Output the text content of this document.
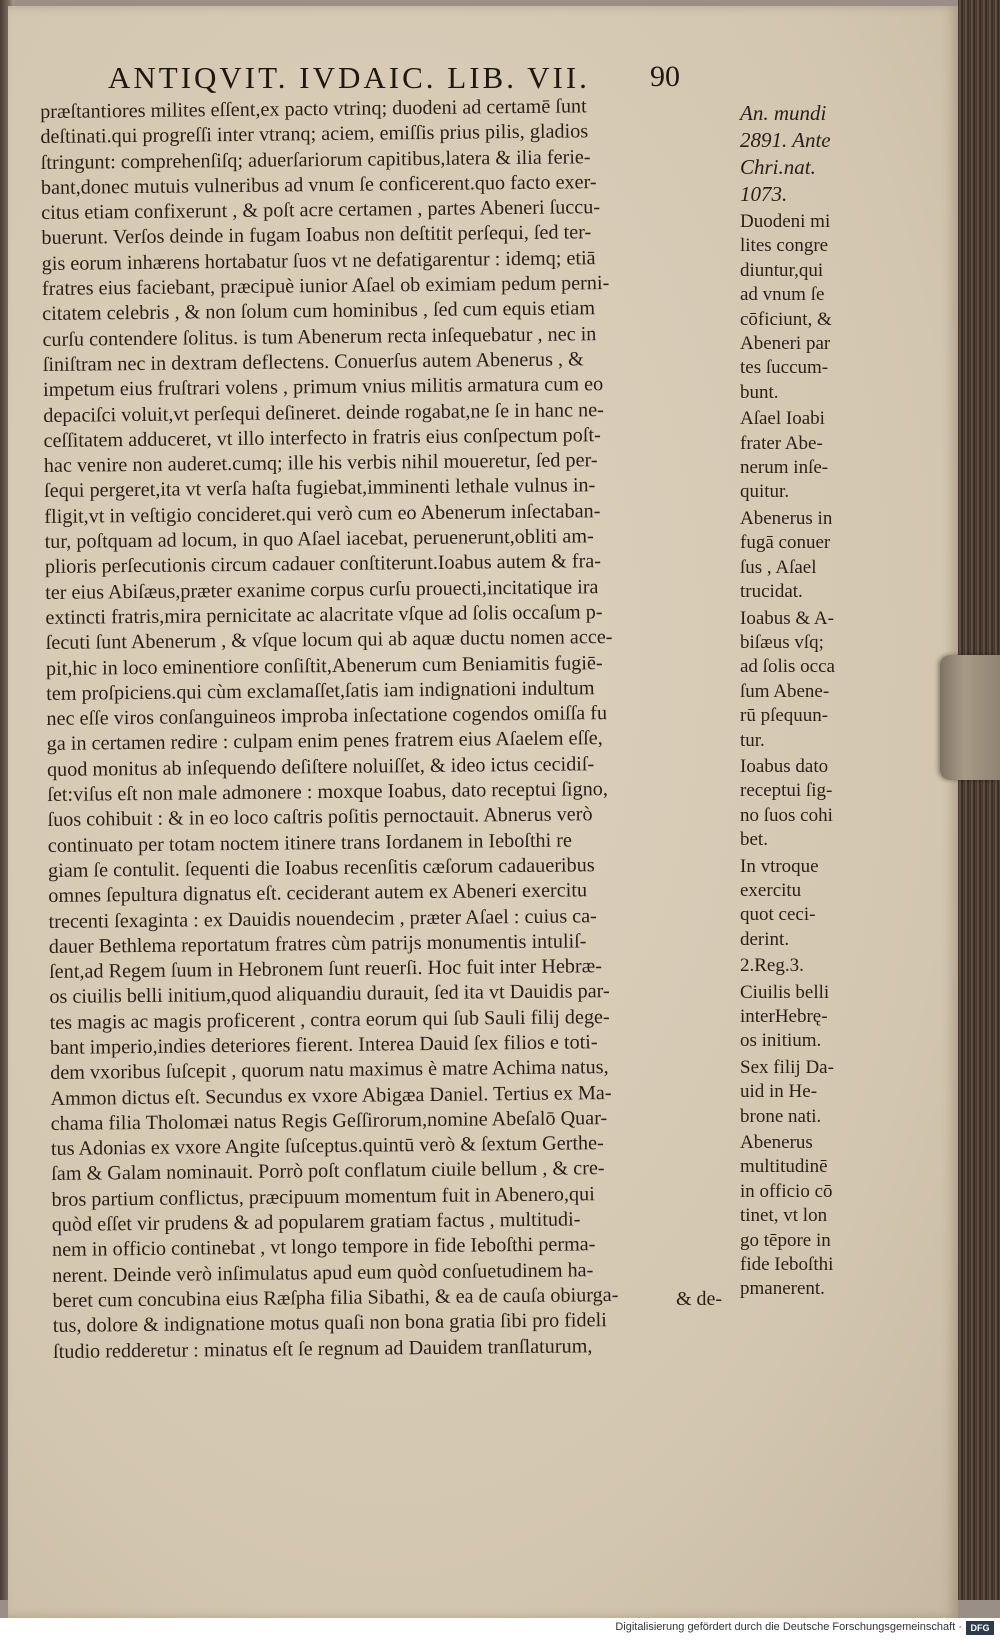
ANTIQVIT. IVDAIC. LIB. VII.	90
præſtantiores milites eſſent,ex pacto vtrinq; duodeni ad certamē ſunt
deſtinati.qui progreſſi inter vtranq; aciem, emiſſis prius pilis, gladios
ſtringunt: comprehenſiſq; aduerſariorum capitibus,latera & ilia ferie-
bant,donec mutuis vulneribus ad vnum ſe conficerent.quo facto exer-
citus etiam confixerunt , & poſt acre certamen , partes Abeneri ſuccu-
buerunt. Verſos deinde in fugam Ioabus non deſtitit perſequi, ſed ter-
gis eorum inhærens hortabatur ſuos vt ne defatigarentur : idemq; etiā
fratres eius faciebant, præcipuè iunior Aſael ob eximiam pedum perni-
citatem celebris , & non ſolum cum hominibus , ſed cum equis etiam
curſu contendere ſolitus. is tum Abenerum recta inſequebatur , nec in
ſiniſtram nec in dextram deflectens. Conuerſus autem Abenerus , &
impetum eius fruſtrari volens , primum vnius militis armatura cum eo
depaciſci voluit,vt perſequi deſineret. deinde rogabat,ne ſe in hanc ne-
ceſſitatem adduceret, vt illo interfecto in fratris eius conſpectum poſt-
hac venire non auderet.cumq; ille his verbis nihil moueretur, ſed per-
ſequi pergeret,ita vt verſa haſta fugiebat,imminenti lethale vulnus in-
fligit,vt in veſtigio concideret.qui verò cum eo Abenerum inſectaban-
tur, poſtquam ad locum, in quo Aſael iacebat, peruenerunt,obliti am-
plioris perſecutionis circum cadauer conſtiterunt.Ioabus autem & fra-
ter eius Abiſæus,præter exanime corpus curſu prouecti,incitatique ira
extincti fratris,mira pernicitate ac alacritate vſque ad ſolis occaſum p-
ſecuti ſunt Abenerum , & vſque locum qui ab aquæ ductu nomen acce-
pit,hic in loco eminentiore conſiſtit,Abenerum cum Beniamitis fugiē-
tem proſpiciens.qui cùm exclamaſſet,ſatis iam indignationi indultum
nec eſſe viros conſanguineos improba inſectatione cogendos omiſſa fu
ga in certamen redire : culpam enim penes fratrem eius Aſaelem eſſe,
quod monitus ab inſequendo deſiſtere noluiſſet, & ideo ictus cecidiſ-
ſet:viſus eſt non male admonere : moxque Ioabus, dato receptui ſigno,
ſuos cohibuit : & in eo loco caſtris poſitis pernoctauit. Abnerus verò
continuato per totam noctem itinere trans Iordanem in Ieboſthi re
giam ſe contulit. ſequenti die Ioabus recenſitis cæſorum cadaueribus
omnes ſepultura dignatus eſt. ceciderant autem ex Abeneri exercitu
trecenti ſexaginta : ex Dauidis nouendecim , præter Aſael : cuius ca-
dauer Bethlema reportatum fratres cùm patrijs monumentis intuliſ-
ſent,ad Regem ſuum in Hebronem ſunt reuerſi. Hoc fuit inter Hebræ-
os ciuilis belli initium,quod aliquandiu durauit, ſed ita vt Dauidis par-
tes magis ac magis proficerent , contra eorum qui ſub Sauli filij dege-
bant imperio,indies deteriores fierent. Interea Dauid ſex filios e toti-
dem vxoribus ſuſcepit , quorum natu maximus è matre Achima natus,
Ammon dictus eſt. Secundus ex vxore Abigæa Daniel. Tertius ex Ma-
chama filia Tholomæi natus Regis Geſſirorum,nomine Abeſalō Quar-
tus Adonias ex vxore Angite ſuſceptus.quintū verò & ſextum Gerthe-
ſam & Galam nominauit. Porrò poſt conflatum ciuile bellum , & cre-
bros partium conflictus, præcipuum momentum fuit in Abenero,qui
quòd eſſet vir prudens & ad popularem gratiam factus , multitudi-
nem in officio continebat , vt longo tempore in fide Ieboſthi perma-
nerent. Deinde verò inſimulatus apud eum quòd conſuetudinem ha-
beret cum concubina eius Ræſpha filia Sibathi, & ea de cauſa obiurga-
tus, dolore & indignatione motus quaſi non bona gratia ſibi pro fideli
ſtudio redderetur : minatus eſt ſe regnum ad Dauidem tranſlaturum,
& de-
An. mundi
2891. Ante
Chri.nat.
1073.
Duodeni mi
lites congre
diuntur,qui
ad vnum ſe
cōficiunt, &
Abeneri par
tes ſuccum-
bunt.
Aſael Ioabi
frater Abe-
nerum inſe-
quitur.
Abenerus in
fugā conuer
ſus , Aſael
trucidat.
Ioabus & A-
biſæus vſq;
ad ſolis occa
ſum Abene-
rū pſequun-
tur.
Ioabus dato
receptui ſig-
no ſuos cohi
bet.
In vtroque
exercitu
quot ceci-
derint.
2.Reg.3.
Ciuilis belli
interHebrę-
os initium.
Sex filij Da-
uid in He-
brone nati.
Abenerus
multitudinē
in officio cō
tinet, vt lon
go tēpore in
fide Ieboſthi
pmanerent.
Digitalisierung gefördert durch die Deutsche Forschungsgemeinschaft · DFG
